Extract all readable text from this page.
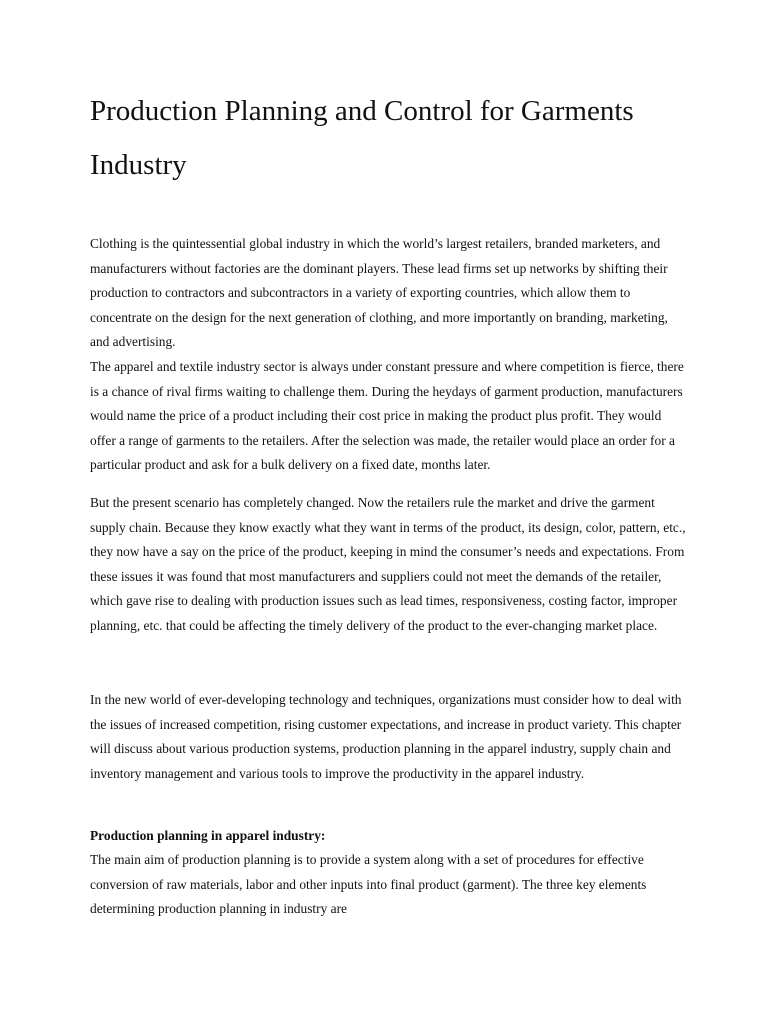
Production Planning and Control for Garments Industry

Clothing is the quintessential global industry in which the world’s largest retailers, branded marketers, and manufacturers without factories are the dominant players. These lead firms set up networks by shifting their production to contractors and subcontractors in a variety of exporting countries, which allow them to concentrate on the design for the next generation of clothing, and more importantly on branding, marketing, and advertising.

The apparel and textile industry sector is always under constant pressure and where competition is fierce, there is a chance of rival firms waiting to challenge them. During the heydays of garment production, manufacturers would name the price of a product including their cost price in making the product plus profit. They would offer a range of garments to the retailers. After the selection was made, the retailer would place an order for a particular product and ask for a bulk delivery on a fixed date, months later.

But the present scenario has completely changed. Now the retailers rule the market and drive the garment supply chain. Because they know exactly what they want in terms of the product, its design, color, pattern, etc., they now have a say on the price of the product, keeping in mind the consumer’s needs and expectations. From these issues it was found that most manufacturers and suppliers could not meet the demands of the retailer, which gave rise to dealing with production issues such as lead times, responsiveness, costing factor, improper planning, etc. that could be affecting the timely delivery of the product to the ever-changing market place.

In the new world of ever-developing technology and techniques, organizations must consider how to deal with the issues of increased competition, rising customer expectations, and increase in product variety. This chapter will discuss about various production systems, production planning in the apparel industry, supply chain and inventory management and various tools to improve the productivity in the apparel industry.

Production planning in apparel industry:

The main aim of production planning is to provide a system along with a set of procedures for effective conversion of raw materials, labor and other inputs into final product (garment). The three key elements determining production planning in industry are
